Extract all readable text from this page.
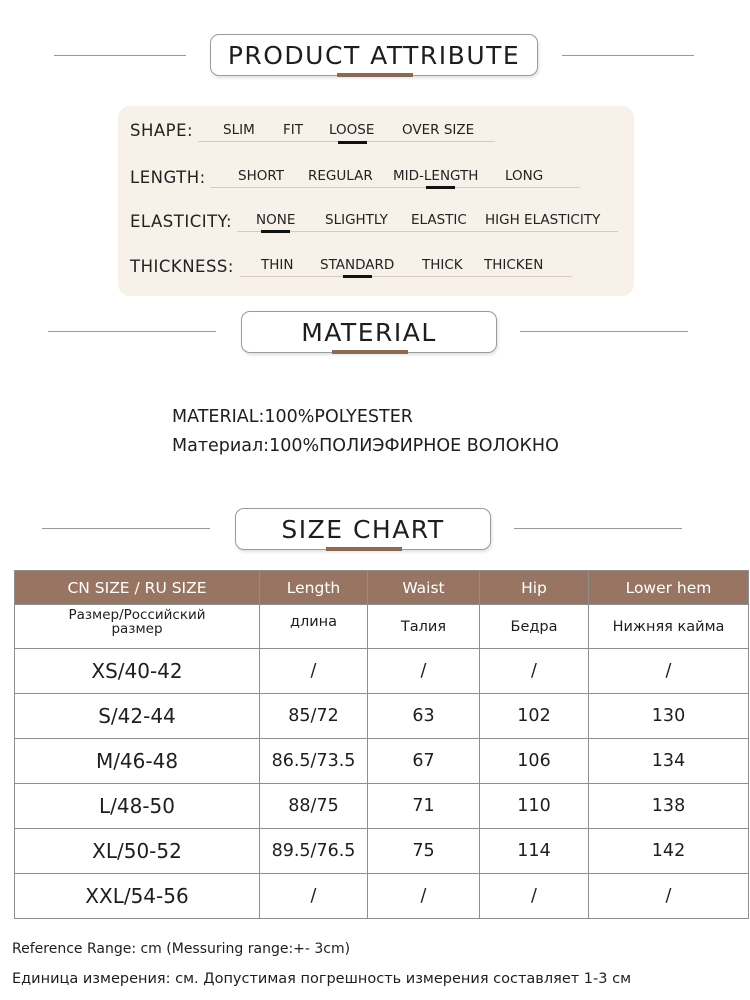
PRODUCT ATTRIBUTE
SHAPE: SLIM FIT LOOSE OVER SIZE
LENGTH: SHORT REGULAR MID-LENGTH LONG
ELASTICITY: NONE SLIGHTLY ELASTIC HIGH ELASTICITY
THICKNESS: THIN STANDARD THICK THICKEN
MATERIAL
MATERIAL:100%POLYESTER
Материал:100%ПОЛИЭФИРНОЕ ВОЛОКНО
SIZE CHART
CN SIZE / RU SIZE	Length	Waist	Hip	Lower hem
Размер/Российский размер	длина	Талия	Бедра	Нижняя кайма
XS/40-42	/	/	/	/
S/42-44	85/72	63	102	130
M/46-48	86.5/73.5	67	106	134
L/48-50	88/75	71	110	138
XL/50-52	89.5/76.5	75	114	142
XXL/54-56	/	/	/	/
Reference Range: cm (Messuring range:+- 3cm)
Единица измерения: см. Допустимая погрешность измерения составляет 1-3 см
